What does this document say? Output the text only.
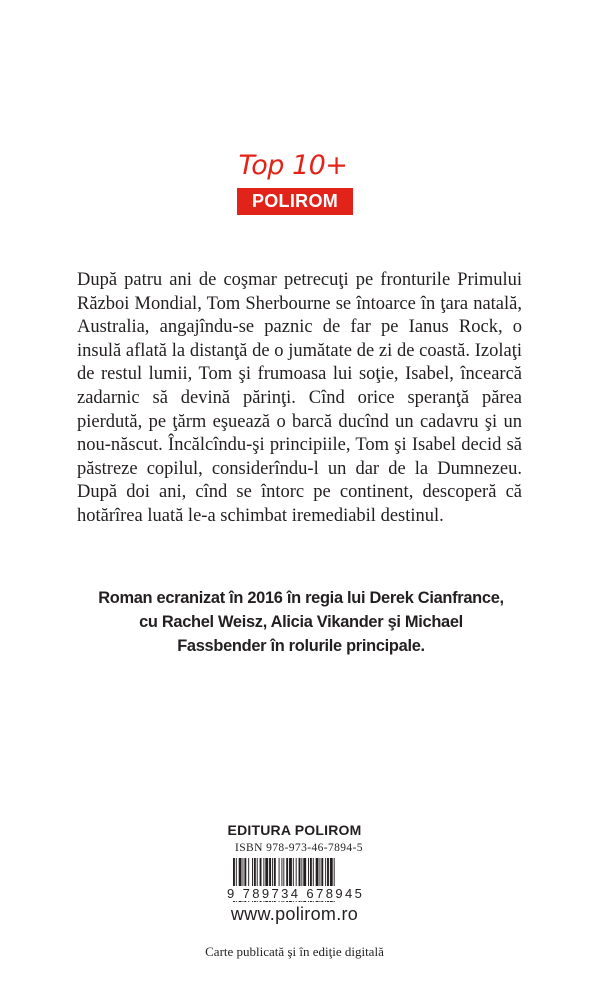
Top 10+
POLIROM

După patru ani de coşmar petrecuţi pe fronturile Primului Război Mondial, Tom Sherbourne se întoarce în ţara natală, Australia, angajîndu-se paznic de far pe Ianus Rock, o insulă aflată la distanţă de o jumătate de zi de coastă. Izolaţi de restul lumii, Tom şi frumoasa lui soţie, Isabel, încearcă zadarnic să devină părinţi. Cînd orice speranţă părea pierdută, pe ţărm eşuează o barcă ducînd un cadavru şi un nou-născut. Încălcîndu-şi principiile, Tom şi Isabel decid să păstreze copilul, considerîndu-l un dar de la Dumnezeu. După doi ani, cînd se întorc pe continent, descoperă că hotărîrea luată le-a schimbat iremediabil destinul.

Roman ecranizat în 2016 în regia lui Derek Cianfrance, cu Rachel Weisz, Alicia Vikander şi Michael Fassbender în rolurile principale.

EDITURA POLIROM
ISBN 978-973-46-7894-5
9 789734 678945
www.polirom.ro
Carte publicată şi în ediţie digitală
